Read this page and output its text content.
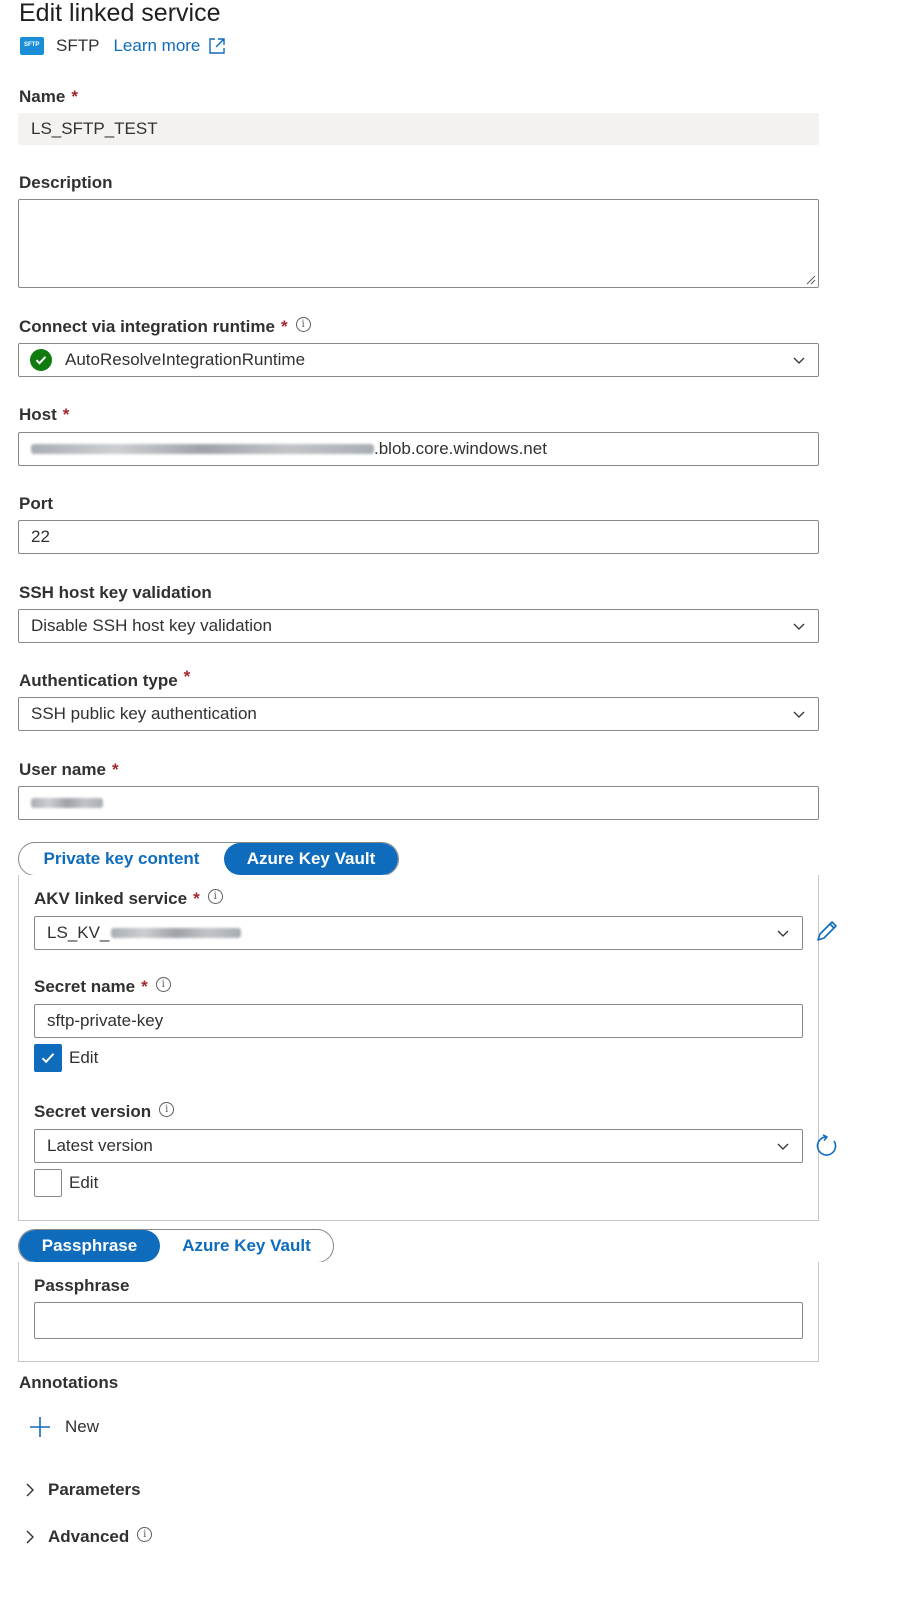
Edit linked service
SFTP
SFTP Learn more
Name *
LS_SFTP_TEST
Description
Connect via integration runtime *	i
AutoResolveIntegrationRuntime
Host *
.blob.core.windows.net
Port
22
SSH host key validation
Disable SSH host key validation
Authentication type *
SSH public key authentication
User name *
Private key content	Azure Key Vault
AKV linked service *	i
LS_KV_
Secret name *	i
sftp-private-key
Edit
Secret version	i
Latest version
Edit
Passphrase	Azure Key Vault
Passphrase
Annotations
New
Parameters
Advanced	i
